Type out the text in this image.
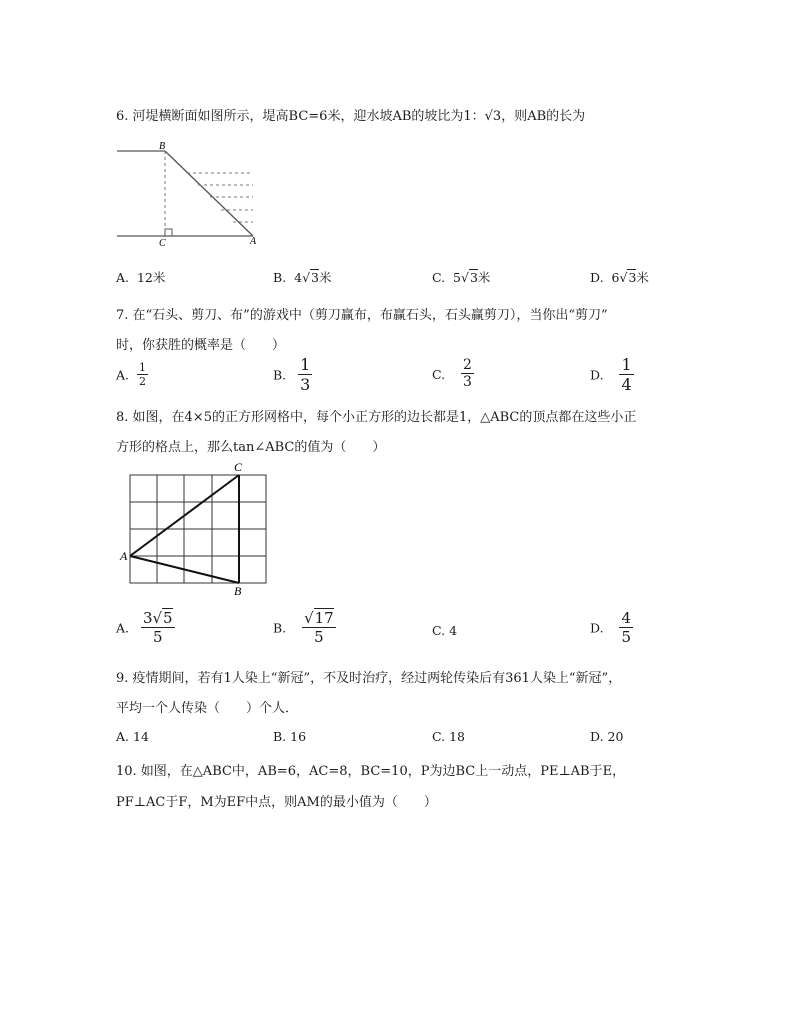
6. 河堤横断面如图所示，堤高BC=6米，迎水坡AB的坡比为1：√3，则AB的长为
B
C	A
A. 12米	B. 4√3米	C. 5√3米	D. 6√3米
7. 在“石头、剪刀、布”的游戏中（剪刀赢布，布赢石头，石头赢剪刀），当你出“剪刀”
时，你获胜的概率是（　　）
A. $\frac{1}{2}$	B. $\frac{1}{3}$	C. $\frac{2}{3}$	D. $\frac{1}{4}$
8. 如图，在4×5的正方形网格中，每个小正方形的边长都是1，△ABC的顶点都在这些小正
方形的格点上，那么tan∠ABC的值为（　　）
C
A
B
A. $\frac{3√5}{5}$	B. $\frac{√17}{5}$	C. 4	D. $\frac{4}{5}$
9. 疫情期间，若有1人染上“新冠”，不及时治疗，经过两轮传染后有361人染上“新冠”，
平均一个人传染（　　）个人．
A. 14	B. 16	C. 18	D. 20
10. 如图，在△ABC中，AB=6，AC=8，BC=10，P为边BC上一动点，PE⊥AB于E，
PF⊥AC于F，M为EF中点，则AM的最小值为（　　）
